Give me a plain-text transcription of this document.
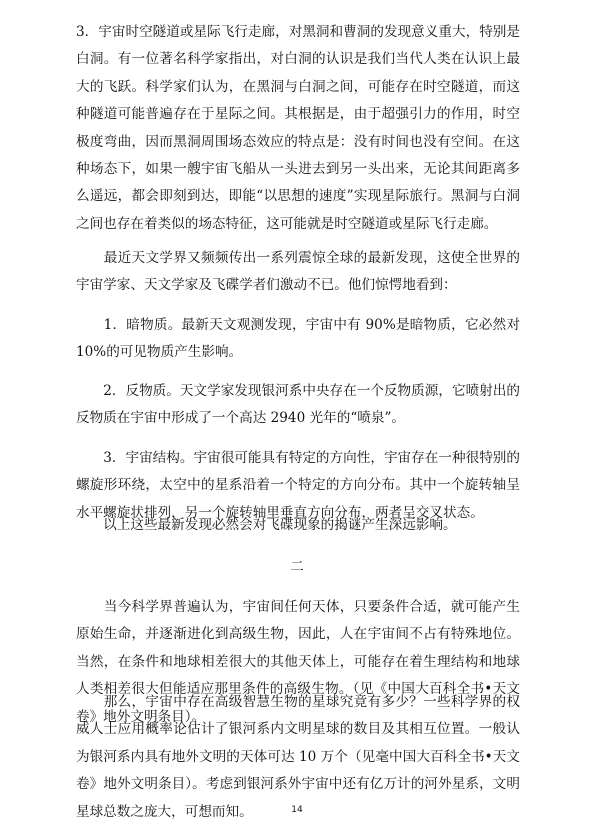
3．宇宙时空隧道或星际飞行走廊，对黑洞和曹洞的发现意义重大，特别是白洞。有一位著名科学家指出，对白洞的认识是我们当代人类在认识上最大的飞跃。科学家们认为，在黑洞与白洞之间，可能存在时空隧道，而这种隧道可能普遍存在于星际之间。其根据是，由于超强引力的作用，时空极度弯曲，因而黑洞周围场态效应的特点是：没有时间也没有空间。在这种场态下，如果一艘宇宙飞船从一头进去到另一头出来，无论其间距离多么遥远，都会即刻到达，即能“以思想的速度”实现星际旅行。黑洞与白洞之间也存在着类似的场态特征，这可能就是时空隧道或星际飞行走廊。

　　最近天文学界又频频传出一系列震惊全球的最新发现，这使全世界的宇宙学家、天文学家及飞碟学者们激动不已。他们惊愕地看到：

　　1．暗物质。最新天文观测发现，宇宙中有 90%是暗物质，它必然对 10%的可见物质产生影响。

　　2．反物质。天文学家发现银河系中央存在一个反物质源，它喷射出的反物质在宇宙中形成了一个高达 2940 光年的“喷泉”。

　　3．宇宙结构。宇宙很可能具有特定的方向性，宇宙存在一种很特别的螺旋形环绕，太空中的星系沿着一个特定的方向分布。其中一个旋转轴呈水平螺旋状排列，另一个旋转轴里垂直方向分布，两者呈交叉状态。

　　以上这些最新发现必然会对飞碟现象的揭谜产生深远影响。

二

　　当今科学界普遍认为，宇宙间任何天体，只要条件合适，就可能产生原始生命，并逐渐进化到高级生物，因此，人在宇宙间不占有特殊地位。当然，在条件和地球相差很大的其他天体上，可能存在着生理结构和地球人类相差很大但能适应那里条件的高级生物。（见《中国大百科全书•天文卷》地外文明条目）。

　　那么，宇宙中存在高级智慧生物的星球究竟有多少？一些科学界的权威人士应用概率论估计了银河系内文明星球的数目及其相互位置。一般认为银河系内具有地外文明的天体可达 10 万个（见毫中国大百科全书•天文卷》地外文明条目）。考虑到银河系外宇宙中还有亿万计的河外星系，文明星球总数之庞大，可想而知。	14
